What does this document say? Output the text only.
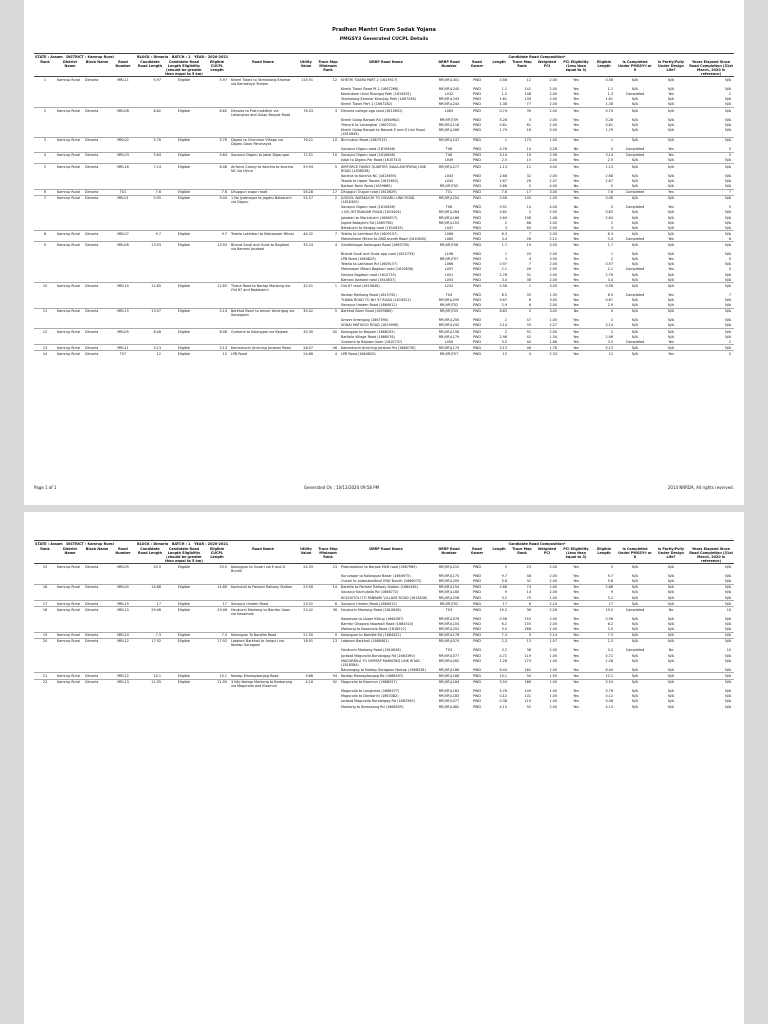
Pradhan Mantri Gram Sadak Yojana
PMGSY3 Generated CUCPL Details
STATE : Assam DISTRICT : Kamrup Rural				BLOCK : Dimoria BATCH : 1 YEAR : 2020-2021						Candidate Road Composition*										
Rank	District Name	Block Name	Road Number	Candidate Road Length	Candidate Road Length Eligibility (should be greater than equal to 5 km)	Eligible CUCPL Length	Road Name	Utility Value	Trace Map Minimum Rank	DRRP Road Name	DRRP Road Number	Road Owner	Length	Trace Map Rank	Weighted PCI	PCI Eligibility (Less than equal to 3)	Eligible Length	Is Completed Under PMGSY-I or II	Is Partly/Fully Under Design Life?	Years Elapsed Since Road Completion (31st March, 2020 is reference)
1	Kamrup Rural	Dimoria	MRL11	5.97	Eligible	5.97	Khetri Tiaoni to Tamholong Khomar via Kamakhya Temple	115.91	12	KHETRI TIAONI PART 2 (1619517)	RR(VR)L301	PWD	0.58	12	2.00	Yes	0.58	N/A	N/A	N/A
										Khetri Tiaoni Road Pt 2 (1667268)	RR(VR)L245	PWD	1.1	141	2.00	Yes	1.1	N/A	N/A	N/A
										Kendubam Uloni Rhongoj Path (1615631)	L032	PWD	1.3	108	2.00	Yes	1.3	Completed	Yes	1
										Tamholong Khamar Khonjag Path (1667298)	RR(VR)L243	PWD	1.61	139	2.00	Yes	1.61	N/A	N/A	N/A
										Khetri Tiaoni Part 1 (1667282)	RR(VR)L244	PWD	1.38	77	2.00	Yes	1.38	N/A	N/A	N/A
2	Kamrup Rural	Dimoria	MRL08	8.62	Eligible	8.62	Dimoria to Pub-makdhiri via Lahanghar and Golap Barpak Road	76.33	3	Dimoria college ogp road (1615652)	L063	PWD	0.74	39	2.00	Yes	0.74	N/A	N/A	N/A
										Khetri Golap Barpak Rd (1664962)	RR(VR)T09	PWD	5.28	3	2.00	Yes	5.28	N/A	N/A	N/A
										Trimurti to Lahanghar (1667210)	RR(VR)L116	PWD	0.81	61	2.00	Yes	0.81	N/A	N/A	N/A
										Khetri Golap Barpak to Barpak E and D Link Road (1810849)	RR(VR)L268	PWD	1.79	16	3.00	Yes	1.79	N/A	N/A	N/A
3	Kamrup Rural	Dimoria	MRL02	5.76	Eligible	5.76	Digaru to Chenimar Village via Digaru Gaon Panchayat	76.21	10	Birchuburi Road (1667915)	RR(VR)L147	PWD	1	173	1.00	Yes	1	N/A	N/A	N/A
										Sonapur Digaru road (1610646)	T06	PWD	4.76	10	3.26	No	0	Completed	Yes	5
4	Kamrup Rural	Dimoria	MRL03	5.64	Eligible	5.64	Sonapur Digaru to Jabai Digarupar	72.51	10	Sonapur Digaru road (1610646)	T06	PWD	3.14	10	2.56	Yes	3.14	Completed	Yes	5
										Jubai to Digaru Par Road (1610743)	L049	PWD	2.5	15	2.00	Yes	2.5	N/A	N/A	N/A
5	Kamrup Rural	Dimoria	MRL16	7.14	Eligible	6.48	Airforce Colony to Korchia to Korchia NC via Ulrcui	59.94	5	AIRFORCE FAMILY QUARTER (NAULAGHPURA) LINK ROAD (1838038)	RR(VR)L277	PWD	1.13	11	3.00	Yes	1.13	N/A	N/A	N/A
										Korchia to Korchia NC (1615655)	L043	PWD	2.68	32	2.00	Yes	2.68	N/A	N/A	N/A
										Tepola to Upper Tepola (1615651)	L042	PWD	2.67	26	2.37	Yes	2.67	N/A	N/A	N/A
										Barbari Barni Road (1659680)	RR(VR)T05	PWD	0.66	5	4.00	No	0	N/A	N/A	N/A
6	Kamrup Rural	Dimoria	T01	7.6	Eligible	7.6	Dhupguri ouguri road	58.28	17	Dhupguri Ouguri road (1610629)	T01	PWD	7.6	17	3.00	Yes	7.6	Completed	Yes	7
7	Kamrup Rural	Dimoria	MRL01	9.95	Eligible	9.04	1 No Jyotinagar to Jagdisi Batakuchi via Digaru	55.57	2	JUGDOL BATAKUCHI TO DIGARU LINK ROAD (1818300)	RR(VR)L254	PWD	0.58	105	1.00	Yes	0.58	N/A	N/A	N/A
										Sonapur Digaru road (1610646)	T06	PWD	0.91	10	4.00	No	0	Completed	Yes	5
										1 NO JYOTINAGAR ROAD (1619404)	RR(VR)L284	PWD	0.82	2	2.00	Yes	0.82	N/A	N/A	N/A
										Jokabari to Morinkuchi (1668517)	RR(VR)L166	PWD	2.64	198	1.48	Yes	2.64	N/A	N/A	N/A
										Jugdol Batagichi Rd (1665798)	RR(VR)L103	PWD	2	86	2.00	Yes	2	N/A	N/A	N/A
										Batakuchi to Borgog road (1610655)	L047	PWD	3	60	2.00	Yes	3	N/A	N/A	N/A
8	Kamrup Rural	Dimoria	MRL07	9.7	Eligible	9.7	Tetelia Lakhibari to Maheswari Mitani	44.32	7	Tetelia to Lakhibari Rd (1609157)	L066	PWD	6.3	7	2.00	Yes	6.3	N/A	N/A	N/A
										Maheshwari Mitani to DND bundh Road (1610645)	L064	PWD	3.4	28	2.12	Yes	3.4	Completed	Yes	8
9	Kamrup Rural	Dimoria	MRL06	13.93	Eligible	13.93	Bhorat Souti and Gude to Bagibari via Bamoni Jorabad	35.24	4	Gandhinagar Kolongpar Road (1663750)	RR(VR)T08	PWD	1.7	19	3.00	Yes	1.7	N/A	N/A	N/A
										Bhorat Souti and Gude opp road (1610733)	L196	PWD	1	20	2.00	Yes	1	N/A	N/A	N/A
										LPB Road (1664820)	RR(VR)T07	PWD	2	4	3.50	Yes	2	N/A	Yes	0
										Tetelia to Lakhibari Rd (1609157)	L066	PWD	0.97	7	2.00	Yes	0.97	N/A	N/A	N/A
										Maheswari Mitani Bagibari road (1610638)	L057	PWD	2.1	49	2.95	Yes	2.1	Completed	Yes	5
										Hahora Bagibari road (1610733)	L051	PWD	2.76	31	2.00	Yes	2.76	N/A	N/A	N/A
										Bamoni Jorabari road (1610637)	L053	PWD	3.4	38	2.00	Yes	3.4	N/A	N/A	N/A
10	Kamrup Rural	Dimoria	MRL14	12.65	Eligible	12.65	Thana Road to Nortap Markong via Old 67 and Badabachi	32.01	1	Old 67 road (1610648)	L252	PWD	0.58	1	3.00	Yes	0.58	N/A	N/A	N/A
										Nortap Markong Road (1615742)	T04	PWD	8.5	35	1.35	Yes	8.5	Completed	Yes	7
										THANA ROAD TO NH 37 ROAD (1619022)	RR(VR)L299	PWD	0.67	8	3.00	Yes	0.67	N/A	N/A	N/A
										Sonapur Umden Road (1664912)	RR(VR)T02	PWD	2.9	6	2.00	Yes	2.9	N/A	N/A	N/A
11	Kamrup Rural	Dimoria	MRL15	13.97	Eligible	5.14	Barkhat Borni to amver Amerigog via Sonaigaon	30.42	5	Barkhat Barni Road (1659680)	RR(VR)T05	PWD	8.83	5	3.45	No	0	N/A	N/A	N/A
										Amver Amerigog (1667590)	RR(VR)L250	PWD	2	47	1.00	Yes	2	N/A	N/A	N/A
										SONAI MATIGOG ROAD (1619098)	RR(VR)L242	PWD	3.14	33	2.27	Yes	3.14	N/A	N/A	N/A
12	Kamrup Rural	Dimoria	MRL05	8.48	Eligible	8.48	Gumeria to Kolongpar via Bejowe	30.30	40	Kolongpar to Bejowe (1668292)	RR(VR)L158	PWD	2	91	2.00	Yes	2	N/A	N/A	N/A
										Barfalla Village Road (1666576)	RR(VR)L179	PWD	2.98	42	1.34	Yes	2.98	N/A	N/A	N/A
										Gumeria to Bejowe Gaon (1610737)	L050	PWD	3.5	40	1.86	Yes	3.5	Completed	Yes	2
13	Kamrup Rural	Dimoria	MRL21	5.13	Eligible	5.13	Kamarkuchi Amching Jorabari Road	28.07	46	Kamarkuchi Amching Jorabari Rd (1668730)	RR(VR)L174	PWD	5.13	46	1.78	Yes	5.13	N/A	N/A	N/A
14	Kamrup Rural	Dimoria	T07	12	Eligible	12	LPB Road	24.66	4	LPB Road (1664820)	RR(VR)T07	PWD	12	4	2.33	Yes	12	N/A	Yes	0
Page 1 of 1	Generated On : 10/13/2020 09:58 PM	2014 NRRDA, All rights reserved.
STATE : Assam DISTRICT : Kamrup Rural				BLOCK : Dimoria BATCH : 1 YEAR : 2020-2021						Candidate Road Composition*										
Rank	District Name	Block Name	Road Number	Candidate Road Length	Candidate Road Length Eligibility (should be greater than equal to 5 km)	Eligible CUCPL Length	Road Name	Utility Value	Trace Map Minimum Rank	DRRP Road Name	DRRP Road Number	Road Owner	Length	Trace Map Rank	Weighted PCI	PCI Eligibility (Less than equal to 3)	Eligible Length	Is Completed Under PMGSY-I or II	Is Partly/Fully Under Design Life?	Years Elapsed Since Road Completion (31st March, 2020 is reference)
15	Kamrup Rural	Dimoria	MRL09	20.5	Eligible	20.5	Kolongpar to Ouzari via E and D Bundh	24.39	23	Pubmaladiuri to Barpak END road (1667989)	RR(VR)L210	PWD	5	23	2.00	Yes	5	N/A	N/A	N/A
										Kuruvapar to Kolongpar Bazar (1664975)	RR(VR)L175	PWD	9.7	48	2.00	Yes	9.7	N/A	N/A	N/A
										Ouzari to pubmalodiburi END Bundh (1666072)	RR(VR)L209	PWD	5.8	31	2.00	Yes	5.8	N/A	N/A	N/A
16	Kamrup Rural	Dimoria	MRL04	14.88	Eligible	14.88	Kachutoli to Panbari Railway Station	23.58	14	Barbilla to Panbari Railway Station (1664461)	RR(VR)L154	PWD	2.68	74	1.00	Yes	2.68	N/A	N/A	N/A
										Sonapur Kachutolia Rd (1668772)	RR(VR)L180	PWD	9	14	2.56	Yes	9	N/A	N/A	N/A
										KOCHUTOLI TO PANBARI VILLAGE ROAD (1818536)	RR(VR)L258	PWD	3.2	79	1.00	Yes	3.2	N/A	N/A	N/A
17	Kamrup Rural	Dimoria	MRL19	17	Eligible	17	Sonapur Umden Road	23.52	6	Sonapur Umden Road (1664912)	RR(VR)T02	PWD	17	6	2.24	Yes	17	N/A	N/A	N/A
18	Kamrup Rural	Dimoria	MRL10	29.46	Eligible	29.46	Haukuchi Markong to Bamfor Gaon via Kasomola	23.42	36	Haukuchi Markong Road (1610636)	T03	PWD	19.2	36	2.26	Yes	19.2	Completed	No	10
										Kasomola to Upper Killing (1664567)	RR(VR)L076	PWD	0.56	253	2.00	Yes	0.56	N/A	N/A	N/A
										Bamfor Ghogora Nowatoli Road (1664510)	RR(VR)L104	PWD	6.2	155	2.00	Yes	6.2	N/A	N/A	N/A
										Markong to Kasomola Road (1818512)	RR(VR)L252	PWD	3.5	266	1.00	Yes	3.5	N/A	N/A	N/A
19	Kamrup Rural	Dimoria	MRL20	7.3	Eligible	7.3	Kolongpar To Barbilla Road	21.50	9	Kolongpar to Barbilla Rd (1664422)	RR(VR)L176	PWD	7.3	9	2.14	Yes	7.3	N/A	N/A	N/A
20	Kamrup Rural	Dimoria	MRL12	17.92	Eligible	17.92	Latabori Barkhali to Amguri via Nortap Gorogaon	18.91	13	Latabori Barkhali (1666481)	RR(VR)L074	PWD	2.3	13	1.57	Yes	2.3	N/A	N/A	N/A
										Haukuchi Markong Road (1610636)	T03	PWD	3.2	36	2.00	Yes	3.2	Completed	No	10
										Jorabat Magurolla Bondorgog Rd (1663390)	RR(VR)L077	PWD	4.72	119	1.00	Yes	4.72	N/A	N/A	N/A
										MAGURBILA TO NORTAP MARKONG LINK ROAD (1818584)	RR(VR)L262	PWD	1.26	273	1.00	Yes	1.26	N/A	N/A	N/A
										Bandorgog to Nortap Goragaon Nortap (1668538)	RR(VR)L186	PWD	6.44	162	1.00	Yes	6.44	N/A	N/A	N/A
21	Kamrup Rural	Dimoria	MRL22	10.1	Eligible	10.1	Nortap Marwaybargog Road	9.88	94	Nortap Marwaybargog Rd (1668497)	RR(VR)L188	PWD	10.1	94	1.50	Yes	10.1	N/A	N/A	N/A
22	Kamrup Rural	Dimoria	MRL13	11.95	Eligible	11.95	3 Kilo Nortap Markong to Barbarong via Magurolla and Kisamuri	4.18	92	Magurolla to Kisamuri (1668057)	RR(VR)L184	PWD	3.54	166	1.00	Yes	3.54	N/A	N/A	N/A
										Magurolla to Longkulak (1668577)	RR(VR)L182	PWD	5.76	149	1.00	Yes	5.76	N/A	N/A	N/A
										Magurolla to Dandorini (1663382)	RR(VR)L183	PWD	0.12	101	1.00	Yes	0.12	N/A	N/A	N/A
										Jorabat Magurolla Bondorgog Rd (1663390)	RR(VR)L077	PWD	0.38	119	1.00	Yes	0.38	N/A	N/A	N/A
										Markong to Bamsaong Rd (1666559)	RR(VR)L082	PWD	4.15	92	2.00	Yes	4.15	N/A	N/A	N/A
